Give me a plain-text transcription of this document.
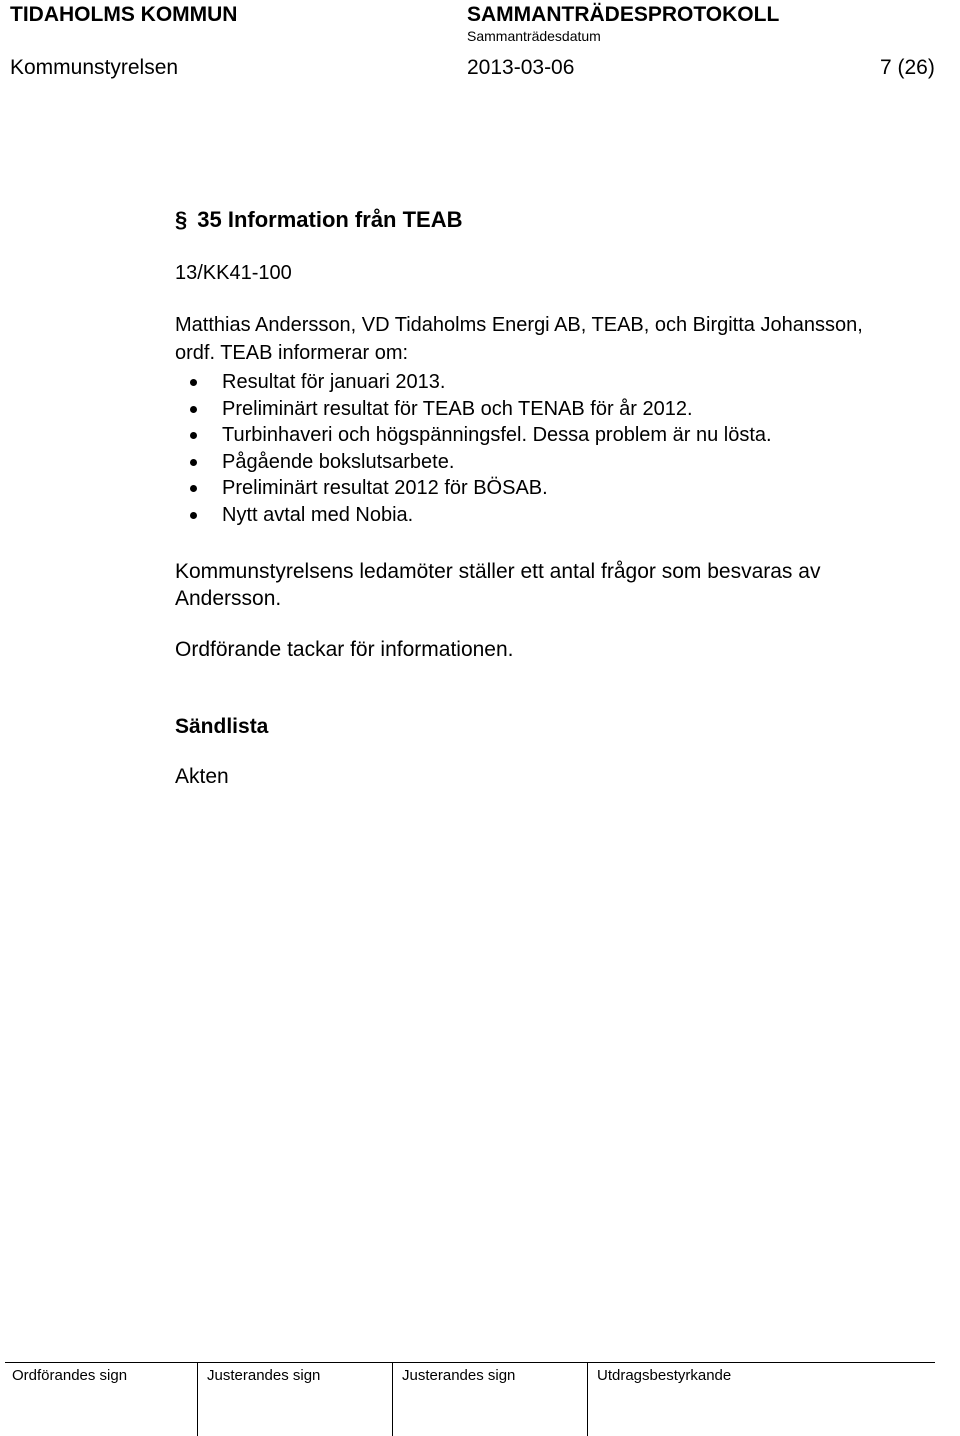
TIDAHOLMS KOMMUN	SAMMANTRÄDESPROTOKOLL
Sammanträdesdatum
Kommunstyrelsen	2013-03-06	7 (26)
§ 35 Information från TEAB
13/KK41-100
Matthias Andersson, VD Tidaholms Energi AB, TEAB, och Birgitta Johansson,
ordf. TEAB informerar om:
Resultat för januari 2013.
Preliminärt resultat för TEAB och TENAB för år 2012.
Turbinhaveri och högspänningsfel. Dessa problem är nu lösta.
Pågående bokslutsarbete.
Preliminärt resultat 2012 för BÖSAB.
Nytt avtal med Nobia.
Kommunstyrelsens ledamöter ställer ett antal frågor som besvaras av
Andersson.
Ordförande tackar för informationen.
Sändlista
Akten
Ordförandes sign	Justerandes sign	Justerandes sign	Utdragsbestyrkande
